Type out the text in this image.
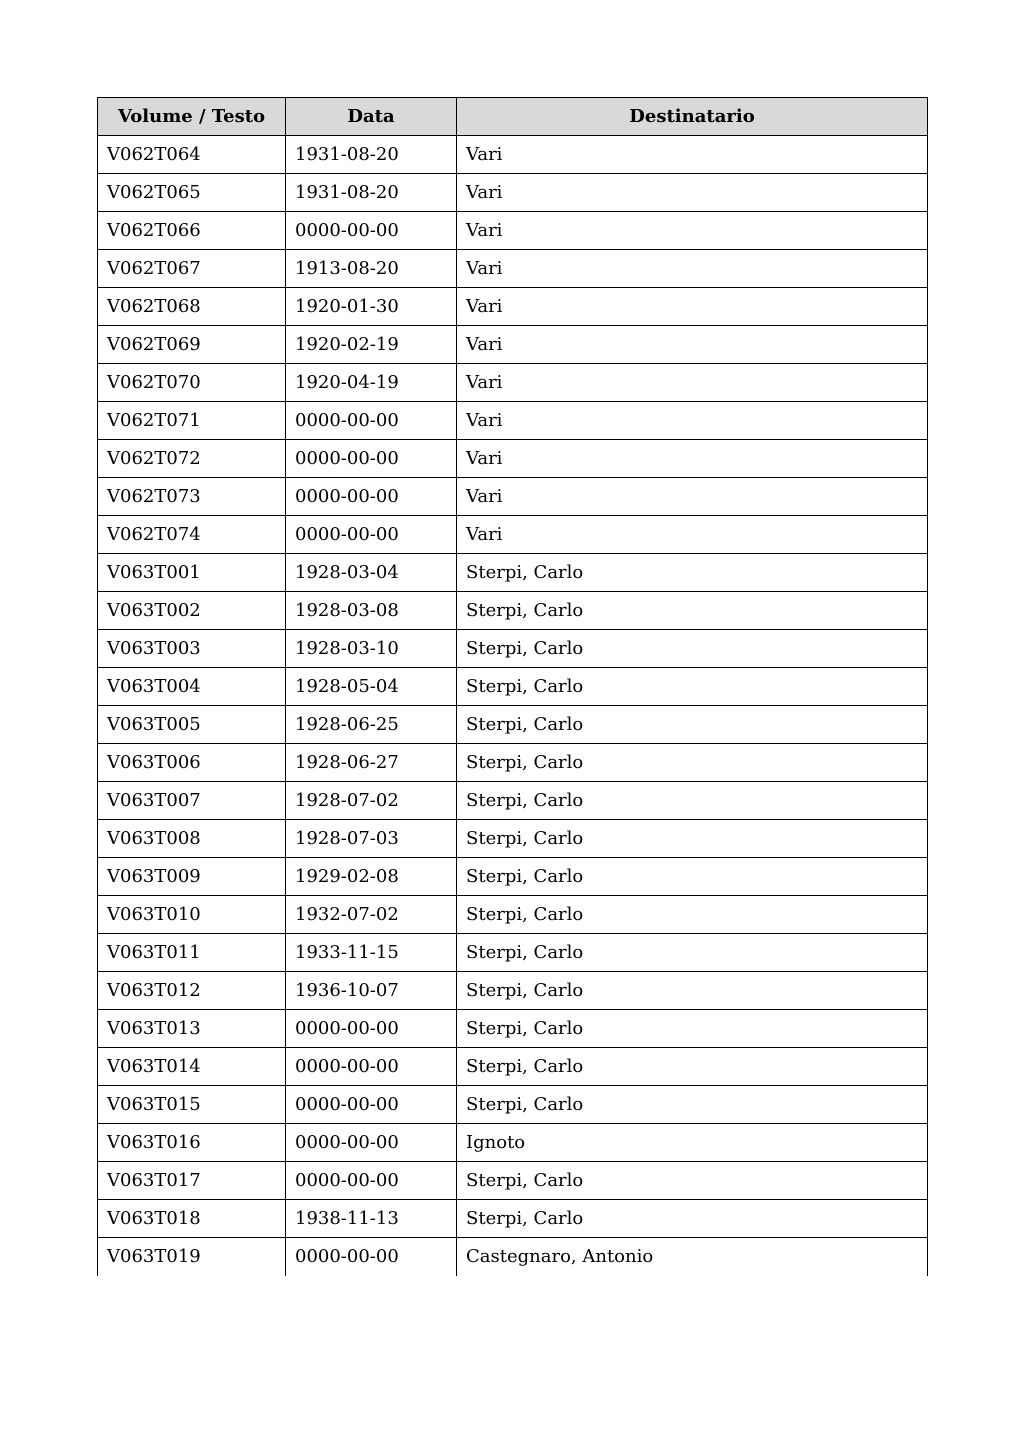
Volume / Testo	Data	Destinatario
V062T064	1931-08-20	Vari
V062T065	1931-08-20	Vari
V062T066	0000-00-00	Vari
V062T067	1913-08-20	Vari
V062T068	1920-01-30	Vari
V062T069	1920-02-19	Vari
V062T070	1920-04-19	Vari
V062T071	0000-00-00	Vari
V062T072	0000-00-00	Vari
V062T073	0000-00-00	Vari
V062T074	0000-00-00	Vari
V063T001	1928-03-04	Sterpi, Carlo
V063T002	1928-03-08	Sterpi, Carlo
V063T003	1928-03-10	Sterpi, Carlo
V063T004	1928-05-04	Sterpi, Carlo
V063T005	1928-06-25	Sterpi, Carlo
V063T006	1928-06-27	Sterpi, Carlo
V063T007	1928-07-02	Sterpi, Carlo
V063T008	1928-07-03	Sterpi, Carlo
V063T009	1929-02-08	Sterpi, Carlo
V063T010	1932-07-02	Sterpi, Carlo
V063T011	1933-11-15	Sterpi, Carlo
V063T012	1936-10-07	Sterpi, Carlo
V063T013	0000-00-00	Sterpi, Carlo
V063T014	0000-00-00	Sterpi, Carlo
V063T015	0000-00-00	Sterpi, Carlo
V063T016	0000-00-00	Ignoto
V063T017	0000-00-00	Sterpi, Carlo
V063T018	1938-11-13	Sterpi, Carlo
V063T019	0000-00-00	Castegnaro, Antonio
